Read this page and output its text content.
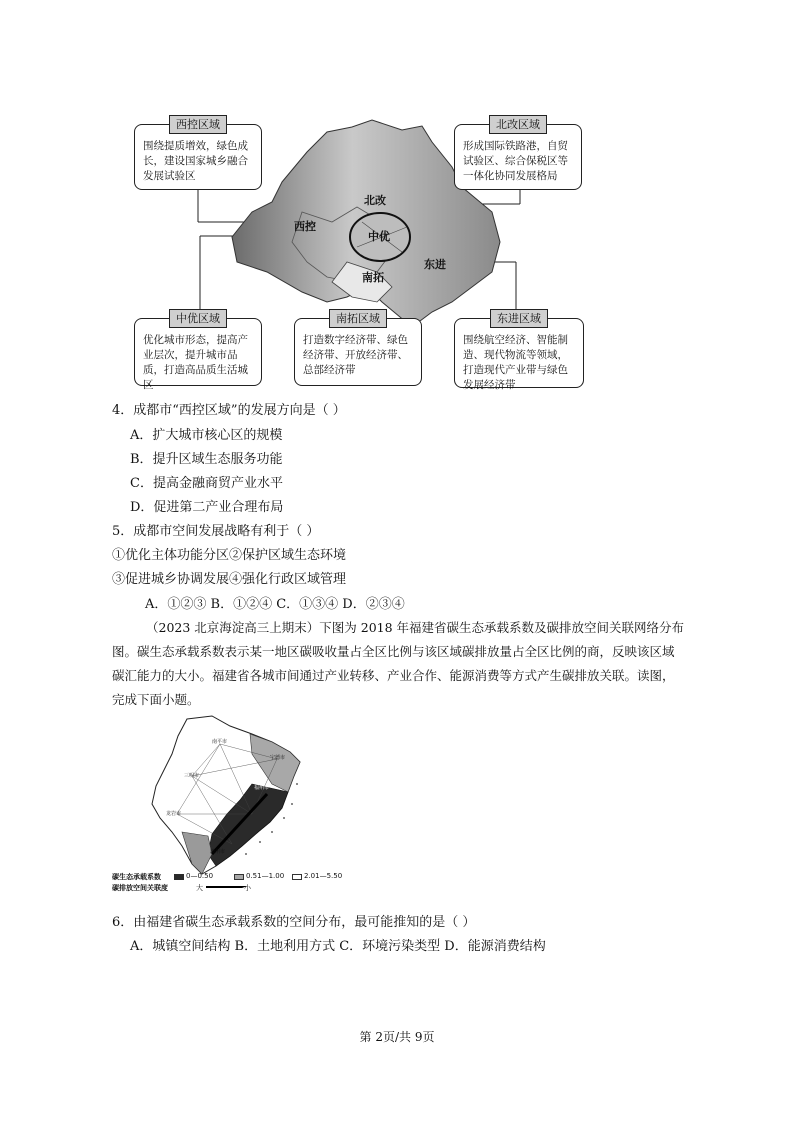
北改
西控
中优
东进
南拓
西控区域
围绕提质增效，绿色成长，建设国家城乡融合发展试验区
北改区域
形成国际铁路港，自贸试验区、综合保税区等一体化协同发展格局
中优区域
优化城市形态，提高产业层次，提升城市品质，打造高品质生活城区
南拓区域
打造数字经济带、绿色经济带、开放经济带、总部经济带
东进区域
围绕航空经济、智能制造、现代物流等领域，打造现代产业带与绿色发展经济带
4．成都市“西控区域”的发展方向是（ ）
A．扩大城市核心区的规模
B．提升区域生态服务功能
C．提高金融商贸产业水平
D．促进第二产业合理布局
5．成都市空间发展战略有利于（ ）
①优化主体功能分区②保护区域生态环境
③促进城乡协调发展④强化行政区域管理
A．①②③ B．①②④ C．①③④ D．②③④
（2023 北京海淀高三上期末）下图为 2018 年福建省碳生态承载系数及碳排放空间关联网络分布图。碳生态承载系数表示某一地区碳吸收量占全区比例与该区域碳排放量占全区比例的商，反映该区域碳汇能力的大小。福建省各城市间通过产业转移、产业合作、能源消费等方式产生碳排放关联。读图，完成下面小题。
南平市
宁德市
三明市
福州市
龙岩市
漳州市
碳生态承载系数	0—0.50	0.51—1.00	2.01—5.50
碳排放空间关联度	大	小
6．由福建省碳生态承载系数的空间分布，最可能推知的是（ ）
A．城镇空间结构 B．土地利用方式 C．环境污染类型 D．能源消费结构
第 2页/共 9页
